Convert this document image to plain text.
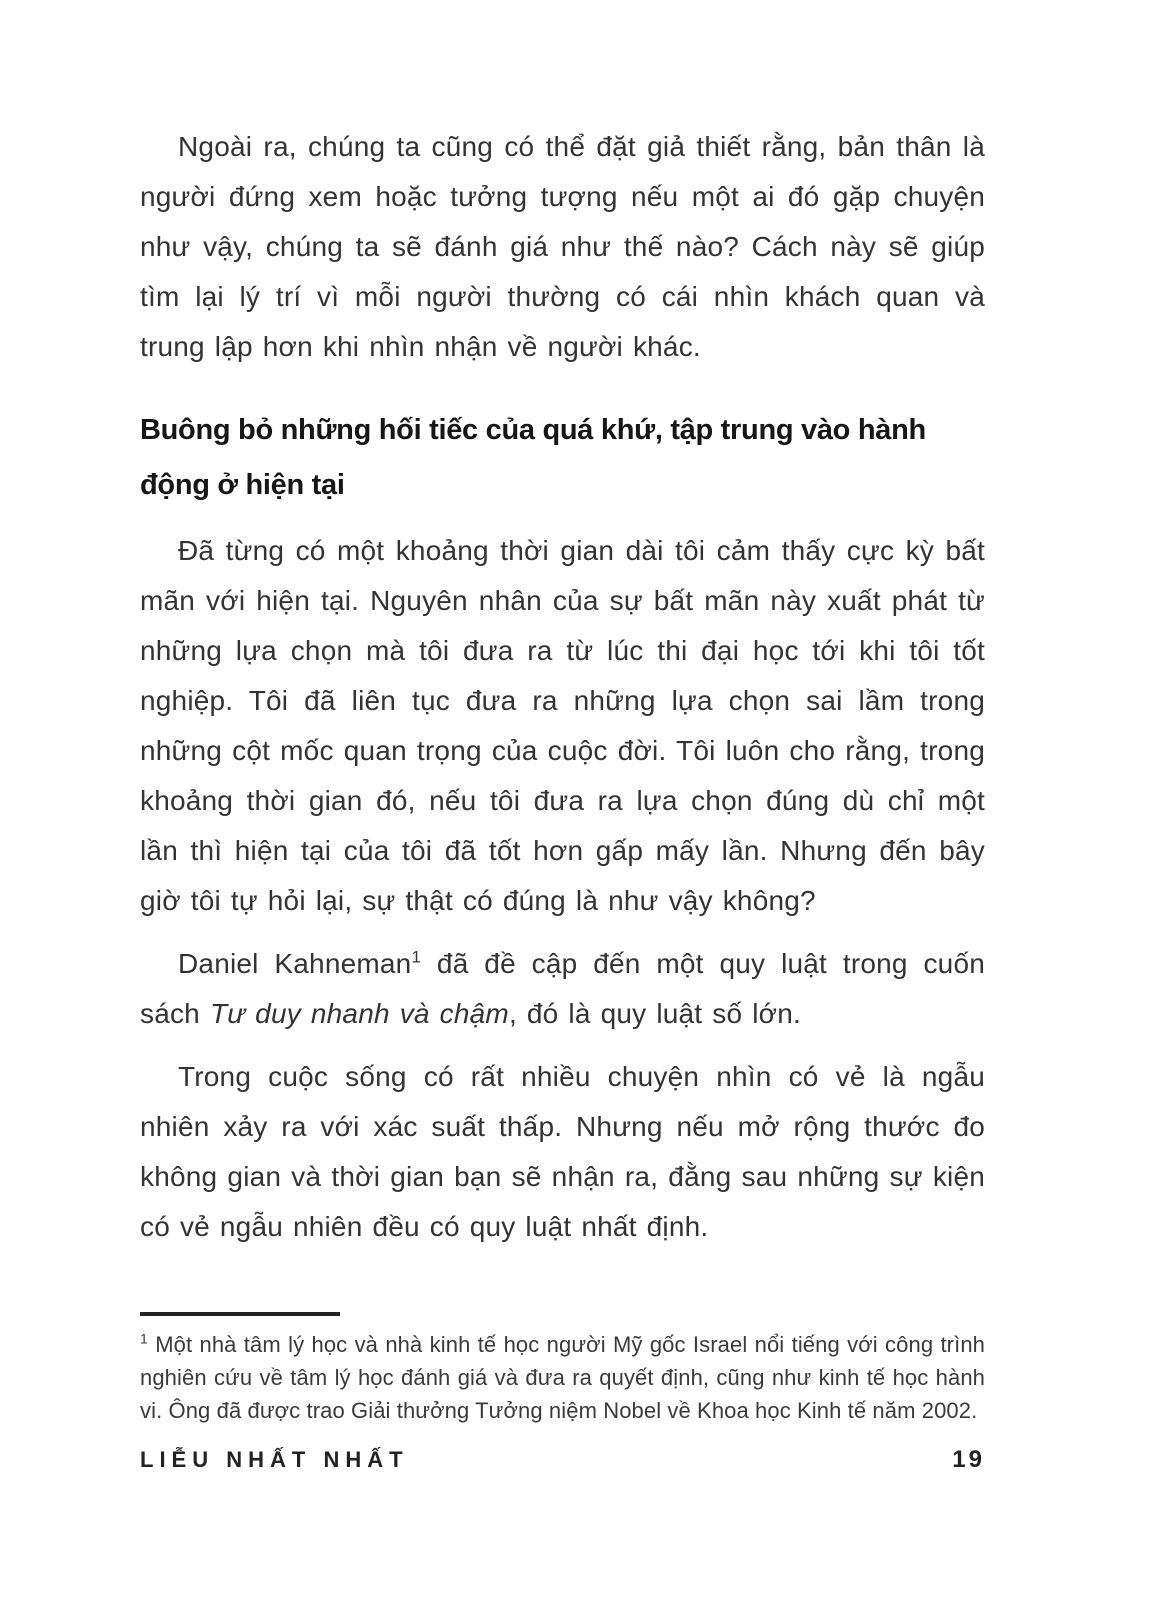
Ngoài ra, chúng ta cũng có thể đặt giả thiết rằng, bản thân là người đứng xem hoặc tưởng tượng nếu một ai đó gặp chuyện như vậy, chúng ta sẽ đánh giá như thế nào? Cách này sẽ giúp tìm lại lý trí vì mỗi người thường có cái nhìn khách quan và trung lập hơn khi nhìn nhận về người khác.

Buông bỏ những hối tiếc của quá khứ, tập trung vào hành động ở hiện tại

Đã từng có một khoảng thời gian dài tôi cảm thấy cực kỳ bất mãn với hiện tại. Nguyên nhân của sự bất mãn này xuất phát từ những lựa chọn mà tôi đưa ra từ lúc thi đại học tới khi tôi tốt nghiệp. Tôi đã liên tục đưa ra những lựa chọn sai lầm trong những cột mốc quan trọng của cuộc đời. Tôi luôn cho rằng, trong khoảng thời gian đó, nếu tôi đưa ra lựa chọn đúng dù chỉ một lần thì hiện tại của tôi đã tốt hơn gấp mấy lần. Nhưng đến bây giờ tôi tự hỏi lại, sự thật có đúng là như vậy không?

Daniel Kahneman$^1$ đã đề cập đến một quy luật trong cuốn sách Tư duy nhanh và chậm, đó là quy luật số lớn.

Trong cuộc sống có rất nhiều chuyện nhìn có vẻ là ngẫu nhiên xảy ra với xác suất thấp. Nhưng nếu mở rộng thước đo không gian và thời gian bạn sẽ nhận ra, đằng sau những sự kiện có vẻ ngẫu nhiên đều có quy luật nhất định.

$^1$ Một nhà tâm lý học và nhà kinh tế học người Mỹ gốc Israel nổi tiếng với công trình nghiên cứu về tâm lý học đánh giá và đưa ra quyết định, cũng như kinh tế học hành vi. Ông đã được trao Giải thưởng Tưởng niệm Nobel về Khoa học Kinh tế năm 2002.

LIỄU NHẤT NHẤT	19
